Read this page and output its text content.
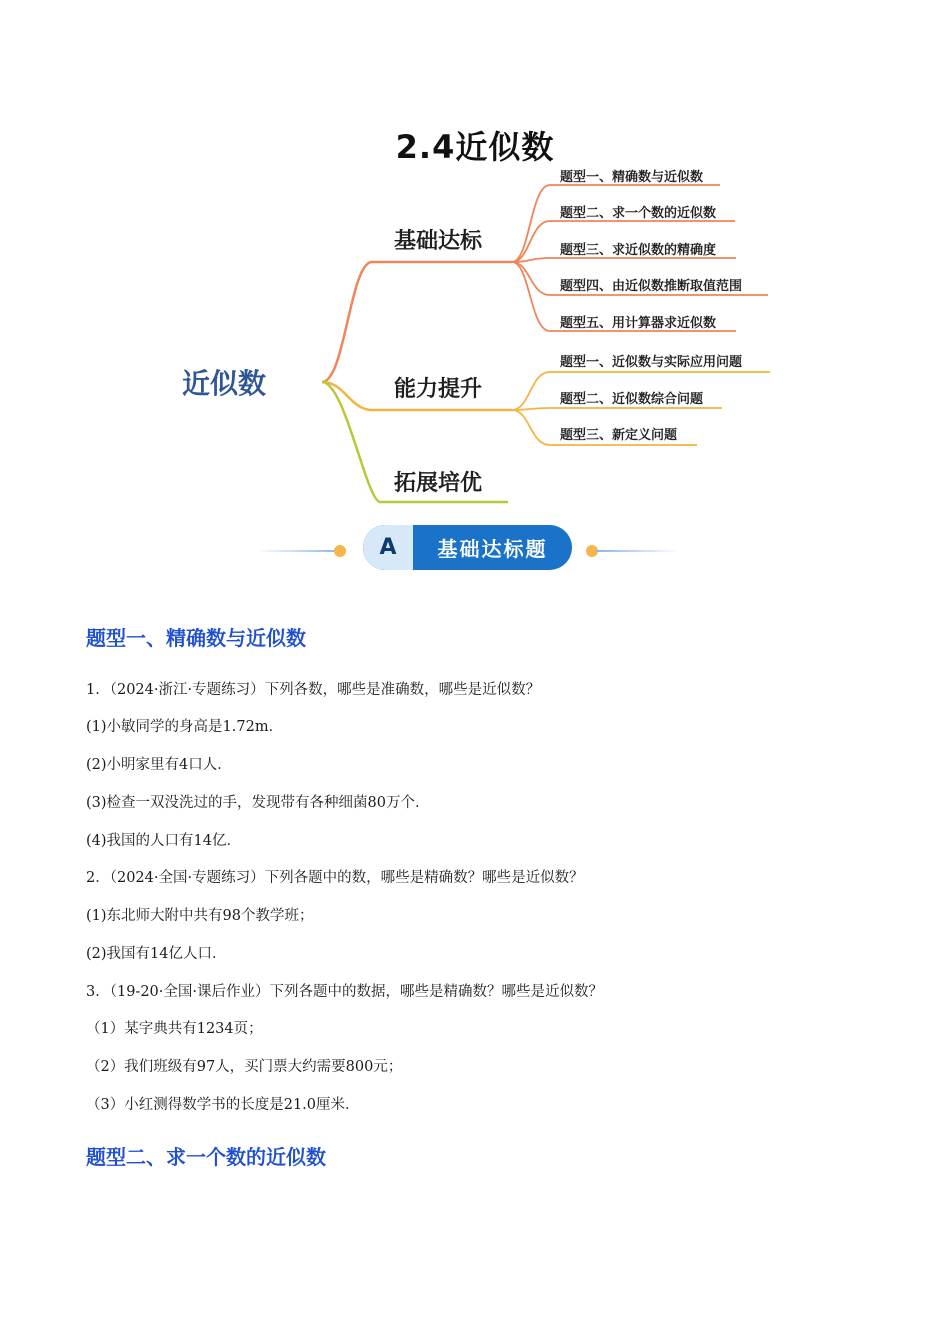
2.4近似数
近似数
基础达标
能力提升
拓展培优
题型一、精确数与近似数
题型二、求一个数的近似数
题型三、求近似数的精确度
题型四、由近似数推断取值范围
题型五、用计算器求近似数
题型一、近似数与实际应用问题
题型二、近似数综合问题
题型三、新定义问题
A	基础达标题
题型一、精确数与近似数
1．（2024·浙江·专题练习）下列各数，哪些是准确数，哪些是近似数？
(1)小敏同学的身高是1.72m．
(2)小明家里有4口人．
(3)检查一双没洗过的手，发现带有各种细菌80万个．
(4)我国的人口有14亿．
2．（2024·全国·专题练习）下列各题中的数，哪些是精确数？哪些是近似数？
(1)东北师大附中共有98个教学班；
(2)我国有14亿人口．
3．（19-20·全国·课后作业）下列各题中的数据，哪些是精确数？哪些是近似数？
（1）某字典共有1234页；
（2）我们班级有97人，买门票大约需要800元；
（3）小红测得数学书的长度是21.0厘米．
题型二、求一个数的近似数
